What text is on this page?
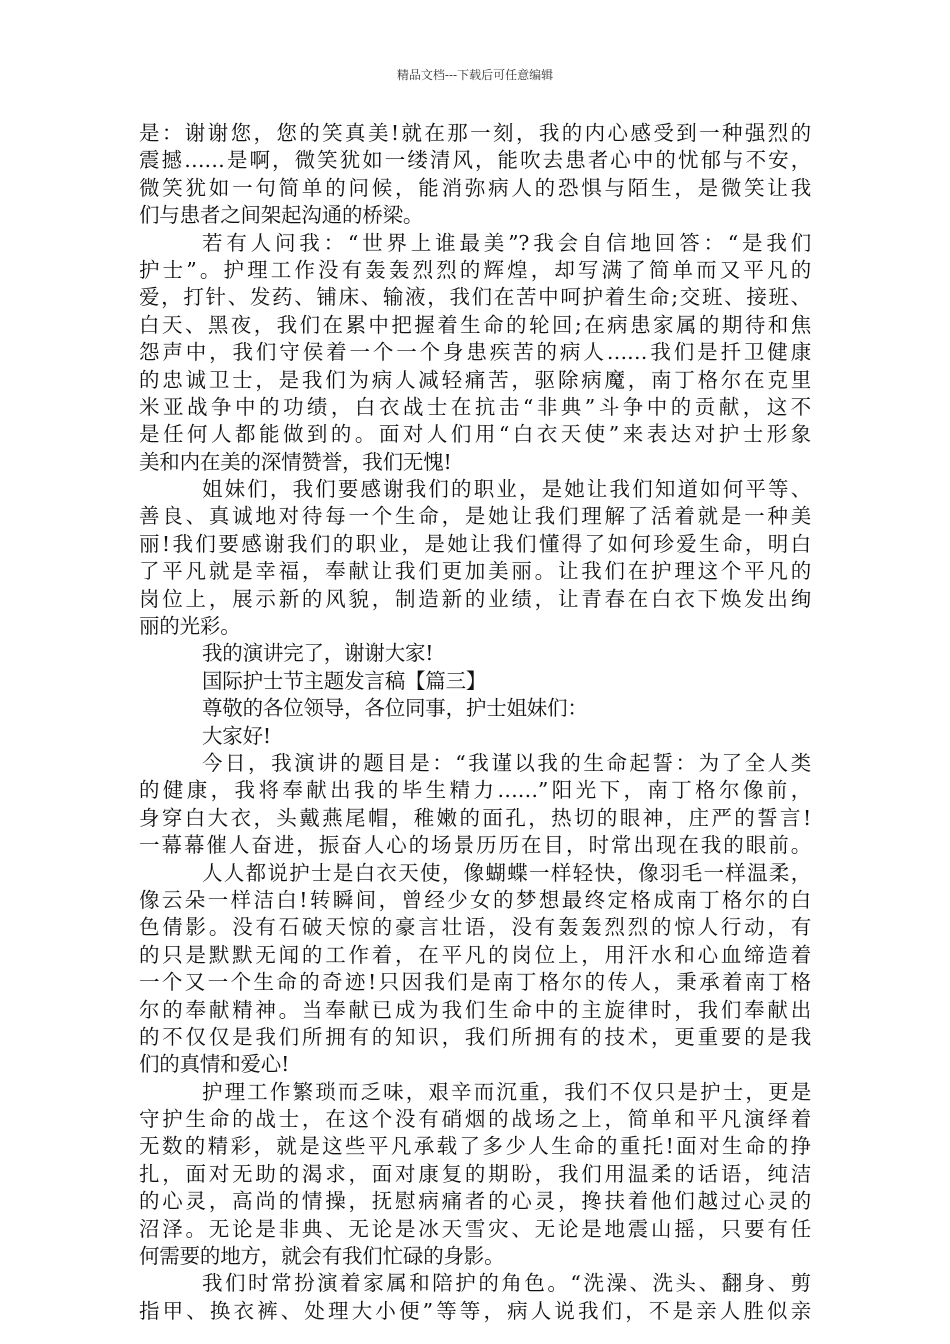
精品文档---下载后可任意编辑
是：谢谢您，您的笑真美!就在那一刻，我的内心感受到一种强烈的
震撼……是啊，微笑犹如一缕清风，能吹去患者心中的忧郁与不安，
微笑犹如一句简单的问候，能消弥病人的恐惧与陌生，是微笑让我
们与患者之间架起沟通的桥梁。
若有人问我：“世界上谁最美”?我会自信地回答：“是我们
护士”。护理工作没有轰轰烈烈的辉煌，却写满了简单而又平凡的
爱，打针、发药、铺床、输液，我们在苦中呵护着生命;交班、接班、
白天、黑夜，我们在累中把握着生命的轮回;在病患家属的期待和焦
怨声中，我们守侯着一个一个身患疾苦的病人……我们是扦卫健康
的忠诚卫士，是我们为病人减轻痛苦，驱除病魔，南丁格尔在克里
米亚战争中的功绩，白衣战士在抗击“非典”斗争中的贡献，这不
是任何人都能做到的。面对人们用“白衣天使”来表达对护士形象
美和内在美的深情赞誉，我们无愧!
姐妹们，我们要感谢我们的职业，是她让我们知道如何平等、
善良、真诚地对待每一个生命，是她让我们理解了活着就是一种美
丽!我们要感谢我们的职业，是她让我们懂得了如何珍爱生命，明白
了平凡就是幸福，奉献让我们更加美丽。让我们在护理这个平凡的
岗位上，展示新的风貌，制造新的业绩，让青春在白衣下焕发出绚
丽的光彩。
我的演讲完了，谢谢大家!
国际护士节主题发言稿【篇三】
尊敬的各位领导，各位同事，护士姐妹们：
大家好!
今日，我演讲的题目是：“我谨以我的生命起誓：为了全人类
的健康，我将奉献出我的毕生精力……”阳光下，南丁格尔像前，
身穿白大衣，头戴燕尾帽，稚嫩的面孔，热切的眼神，庄严的誓言!
一幕幕催人奋进，振奋人心的场景历历在目，时常出现在我的眼前。
人人都说护士是白衣天使，像蝴蝶一样轻快，像羽毛一样温柔，
像云朵一样洁白!转瞬间，曾经少女的梦想最终定格成南丁格尔的白
色倩影。没有石破天惊的豪言壮语，没有轰轰烈烈的惊人行动，有
的只是默默无闻的工作着，在平凡的岗位上，用汗水和心血缔造着
一个又一个生命的奇迹!只因我们是南丁格尔的传人，秉承着南丁格
尔的奉献精神。当奉献已成为我们生命中的主旋律时，我们奉献出
的不仅仅是我们所拥有的知识，我们所拥有的技术，更重要的是我
们的真情和爱心!
护理工作繁琐而乏味，艰辛而沉重，我们不仅只是护士，更是
守护生命的战士，在这个没有硝烟的战场之上，简单和平凡演绎着
无数的精彩，就是这些平凡承载了多少人生命的重托!面对生命的挣
扎，面对无助的渴求，面对康复的期盼，我们用温柔的话语，纯洁
的心灵，高尚的情操，抚慰病痛者的心灵，搀扶着他们越过心灵的
沼泽。无论是非典、无论是冰天雪灾、无论是地震山摇，只要有任
何需要的地方，就会有我们忙碌的身影。
我们时常扮演着家属和陪护的角色。“洗澡、洗头、翻身、剪
指甲、换衣裤、处理大小便”等等，病人说我们，不是亲人胜似亲
